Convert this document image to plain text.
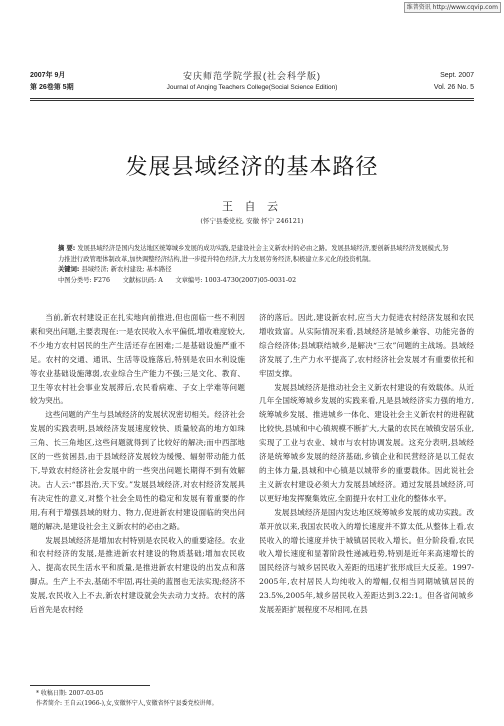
维普资讯 http://www.cqvip.com
2007年 9月
第 26卷第 5期
安庆师范学院学报(社会科学版)
Journal of Anqing Teachers College(Social Science Edition)
Sept. 2007
Vol. 26 No. 5
发展县域经济的基本路径
王 自 云
(怀宁县委党校, 安徽 怀宁 246121)
摘 要: 发展县域经济是国内发达地区统筹城乡发展的成功实践,是建设社会主义新农村的必由之路。发展县域经济,要创新县域经济发展模式,努力推进行政管理体制改革,加快调整经济结构,进一步提升特色经济,大力发展劳务经济,积极建立多元化的投资机制。
关键词: 县域经济; 新农村建设; 基本路径
中图分类号: F276　　文献标识码: A　　文章编号: 1003-4730(2007)05-0031-02

当前,新农村建设正在扎实地向前推进,但也面临一些不利因素和突出问题,主要表现在:一是农民收入水平偏低,增收难度较大,不少地方农村居民的生产生活还存在困难;二是基础设施严重不足。农村的交通、通讯、生活等设施落后,特别是农田水利设施等农业基础设施薄弱,农业综合生产能力不强;三是文化、教育、卫生等农村社会事业发展滞后,农民看病难、子女上学难等问题较为突出。

这些问题的产生与县域经济的发展状况密切相关。经济社会发展的实践表明,县域经济发展速度较快、质量较高的地方如珠三角、长三角地区,这些问题就得到了比较好的解决;而中西部地区的一些贫困县,由于县域经济发展较为缓慢、辐射带动能力低下,导致农村经济社会发展中的一些突出问题长期得不到有效解决。古人云:“郡县治,天下安。”发展县域经济,对农村经济发展具有决定性的意义,对整个社会全局性的稳定和发展有着重要的作用,有利于增强县域的财力、物力,促进新农村建设面临的突出问题的解决,是建设社会主义新农村的必由之路。

发展县域经济是增加农村特别是农民收入的重要途径。农业和农村经济的发展,是推进新农村建设的物质基础;增加农民收入、提高农民生活水平和质量,是推进新农村建设的出发点和落脚点。生产上不去,基础不牢固,再壮美的蓝图也无法实现;经济不发展,农民收入上不去,新农村建设就会失去动力支持。农村的落后首先是农村经

济的落后。因此,建设新农村,应当大力促进农村经济发展和农民增收致富。从实际情况来看,县域经济是城乡兼容、功能完备的综合经济体;县域联结城乡,是解决“三农”问题的主战场。县域经济发展了,生产力水平提高了,农村经济社会发展才有重要依托和牢固支撑。

发展县域经济是推动社会主义新农村建设的有效载体。从近几年全国统筹城乡发展的实践来看,凡是县域经济实力强的地方,统筹城乡发展、推进城乡一体化、建设社会主义新农村的进程就比较快,县城和中心镇规模不断扩大,大量的农民在城镇安居乐业,实现了工业与农业、城市与农村协调发展。这充分表明,县域经济是统筹城乡发展的经济基础,乡镇企业和民营经济是以工促农的主体力量,县城和中心镇是以城带乡的重要载体。因此说社会主义新农村建设必须大力发展县域经济。通过发展县域经济,可以更好地发挥聚集效应,全面提升农村工业化的整体水平。

发展县域经济是国内发达地区统筹城乡发展的成功实践。改革开放以来,我国农民收入的增长速度并不算太低,从整体上看,农民收入的增长速度并快于城镇居民收入增长。但分阶段看,农民收入增长速度和显著阶段性递减趋势,特别是近年来高速增长的国民经济与城乡居民收入差距的迅速扩张形成巨大反差。1997-2005年,农村居民人均纯收入的增幅,仅相当同期城镇居民的23.5%,2005年,城乡居民收入差距达到3.22:1。但各省间城乡发展差距扩展程度不尽相同,在县

* 收稿日期: 2007-03-05
作者简介: 王自云(1966-),女,安徽怀宁人,安徽省怀宁县委党校讲师。
